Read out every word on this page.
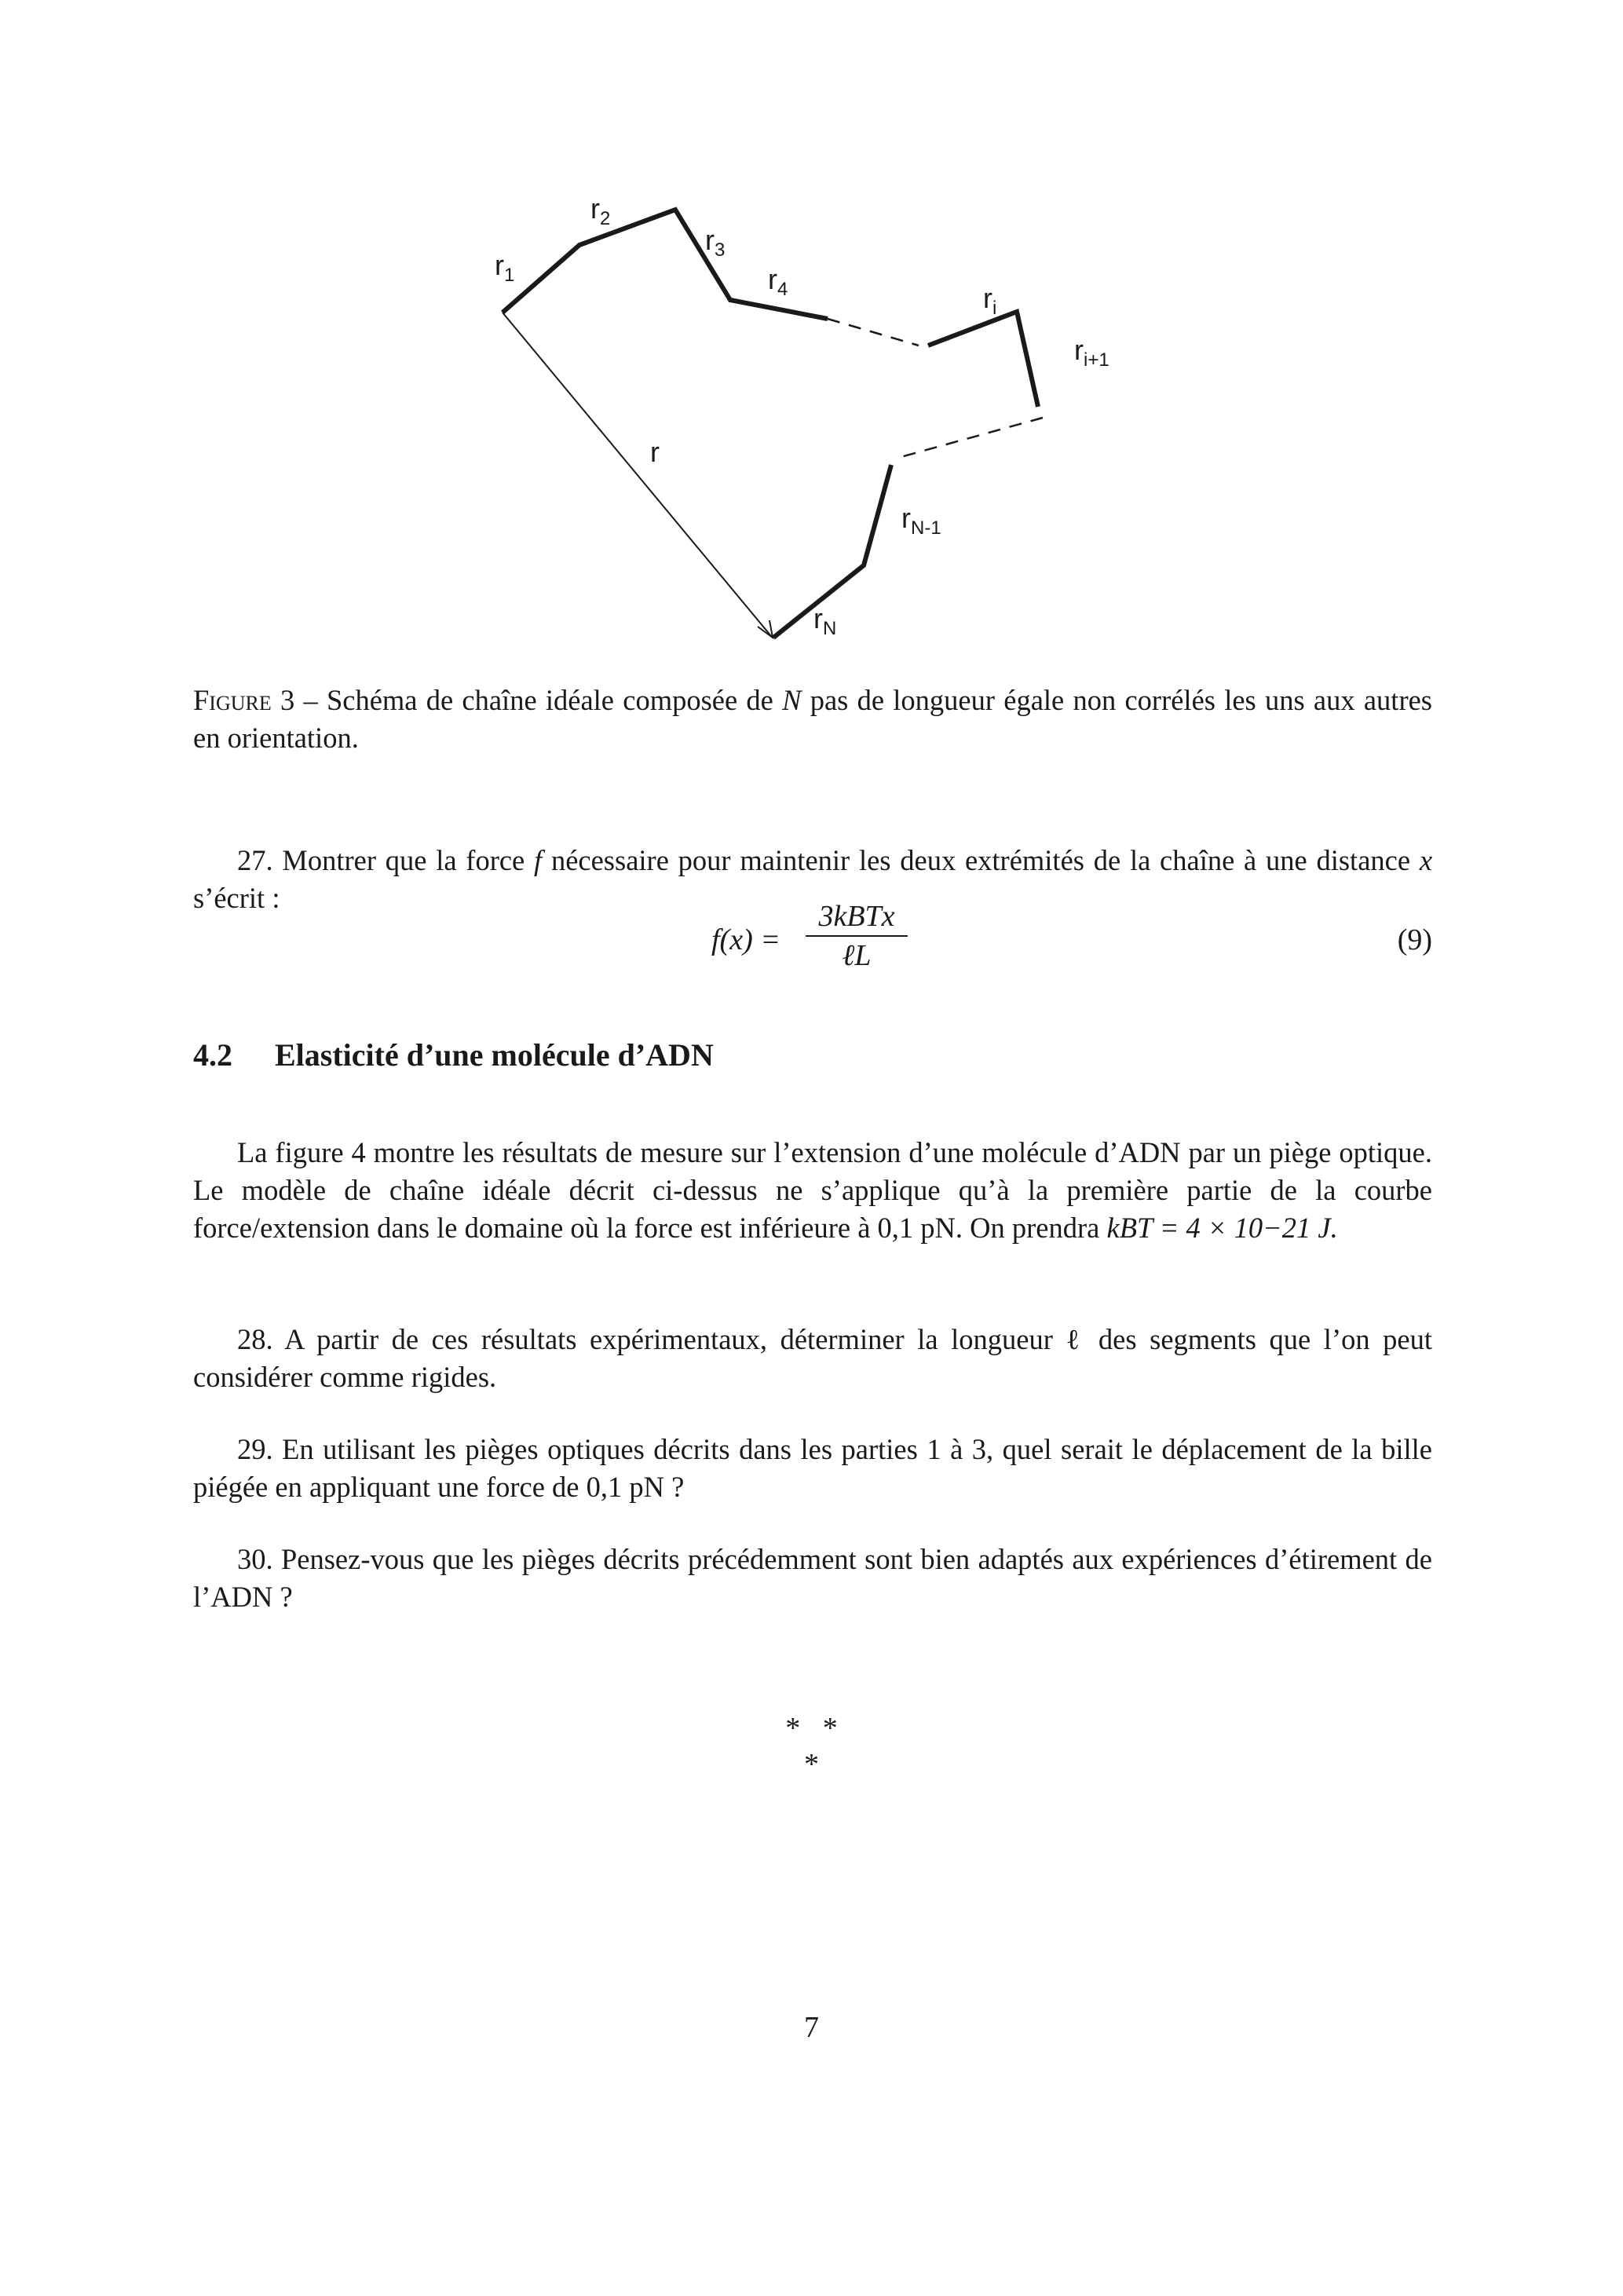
$r_1$
$r_2$
$r_3$
$r_4$	$r_i$
$r_{i+1}$
r
$r_{N-1}$
$r_N$
Figure 3 – Schéma de chaîne idéale composée de N pas de longueur égale non corrélés les uns aux autres en orientation.
27. Montrer que la force f nécessaire pour maintenir les deux extrémités de la chaîne à une distance x s’écrit :
f(x) =
3kBTx
ℓL	(9)
4.2 Elasticité d’une molécule d’ADN
La figure 4 montre les résultats de mesure sur l’extension d’une molécule d’ADN par un piège optique. Le modèle de chaîne idéale décrit ci-dessus ne s’applique qu’à la première partie de la courbe force/extension dans le domaine où la force est inférieure à 0,1 pN. On prendra kBT = 4 × 10−21 J.
28. A partir de ces résultats expérimentaux, déterminer la longueur ℓ des segments que l’on peut considérer comme rigides.
29. En utilisant les pièges optiques décrits dans les parties 1 à 3, quel serait le déplacement de la bille piégée en appliquant une force de 0,1 pN ?
30. Pensez-vous que les pièges décrits précédemment sont bien adaptés aux expériences d’étirement de l’ADN ?
*   *
*
7
